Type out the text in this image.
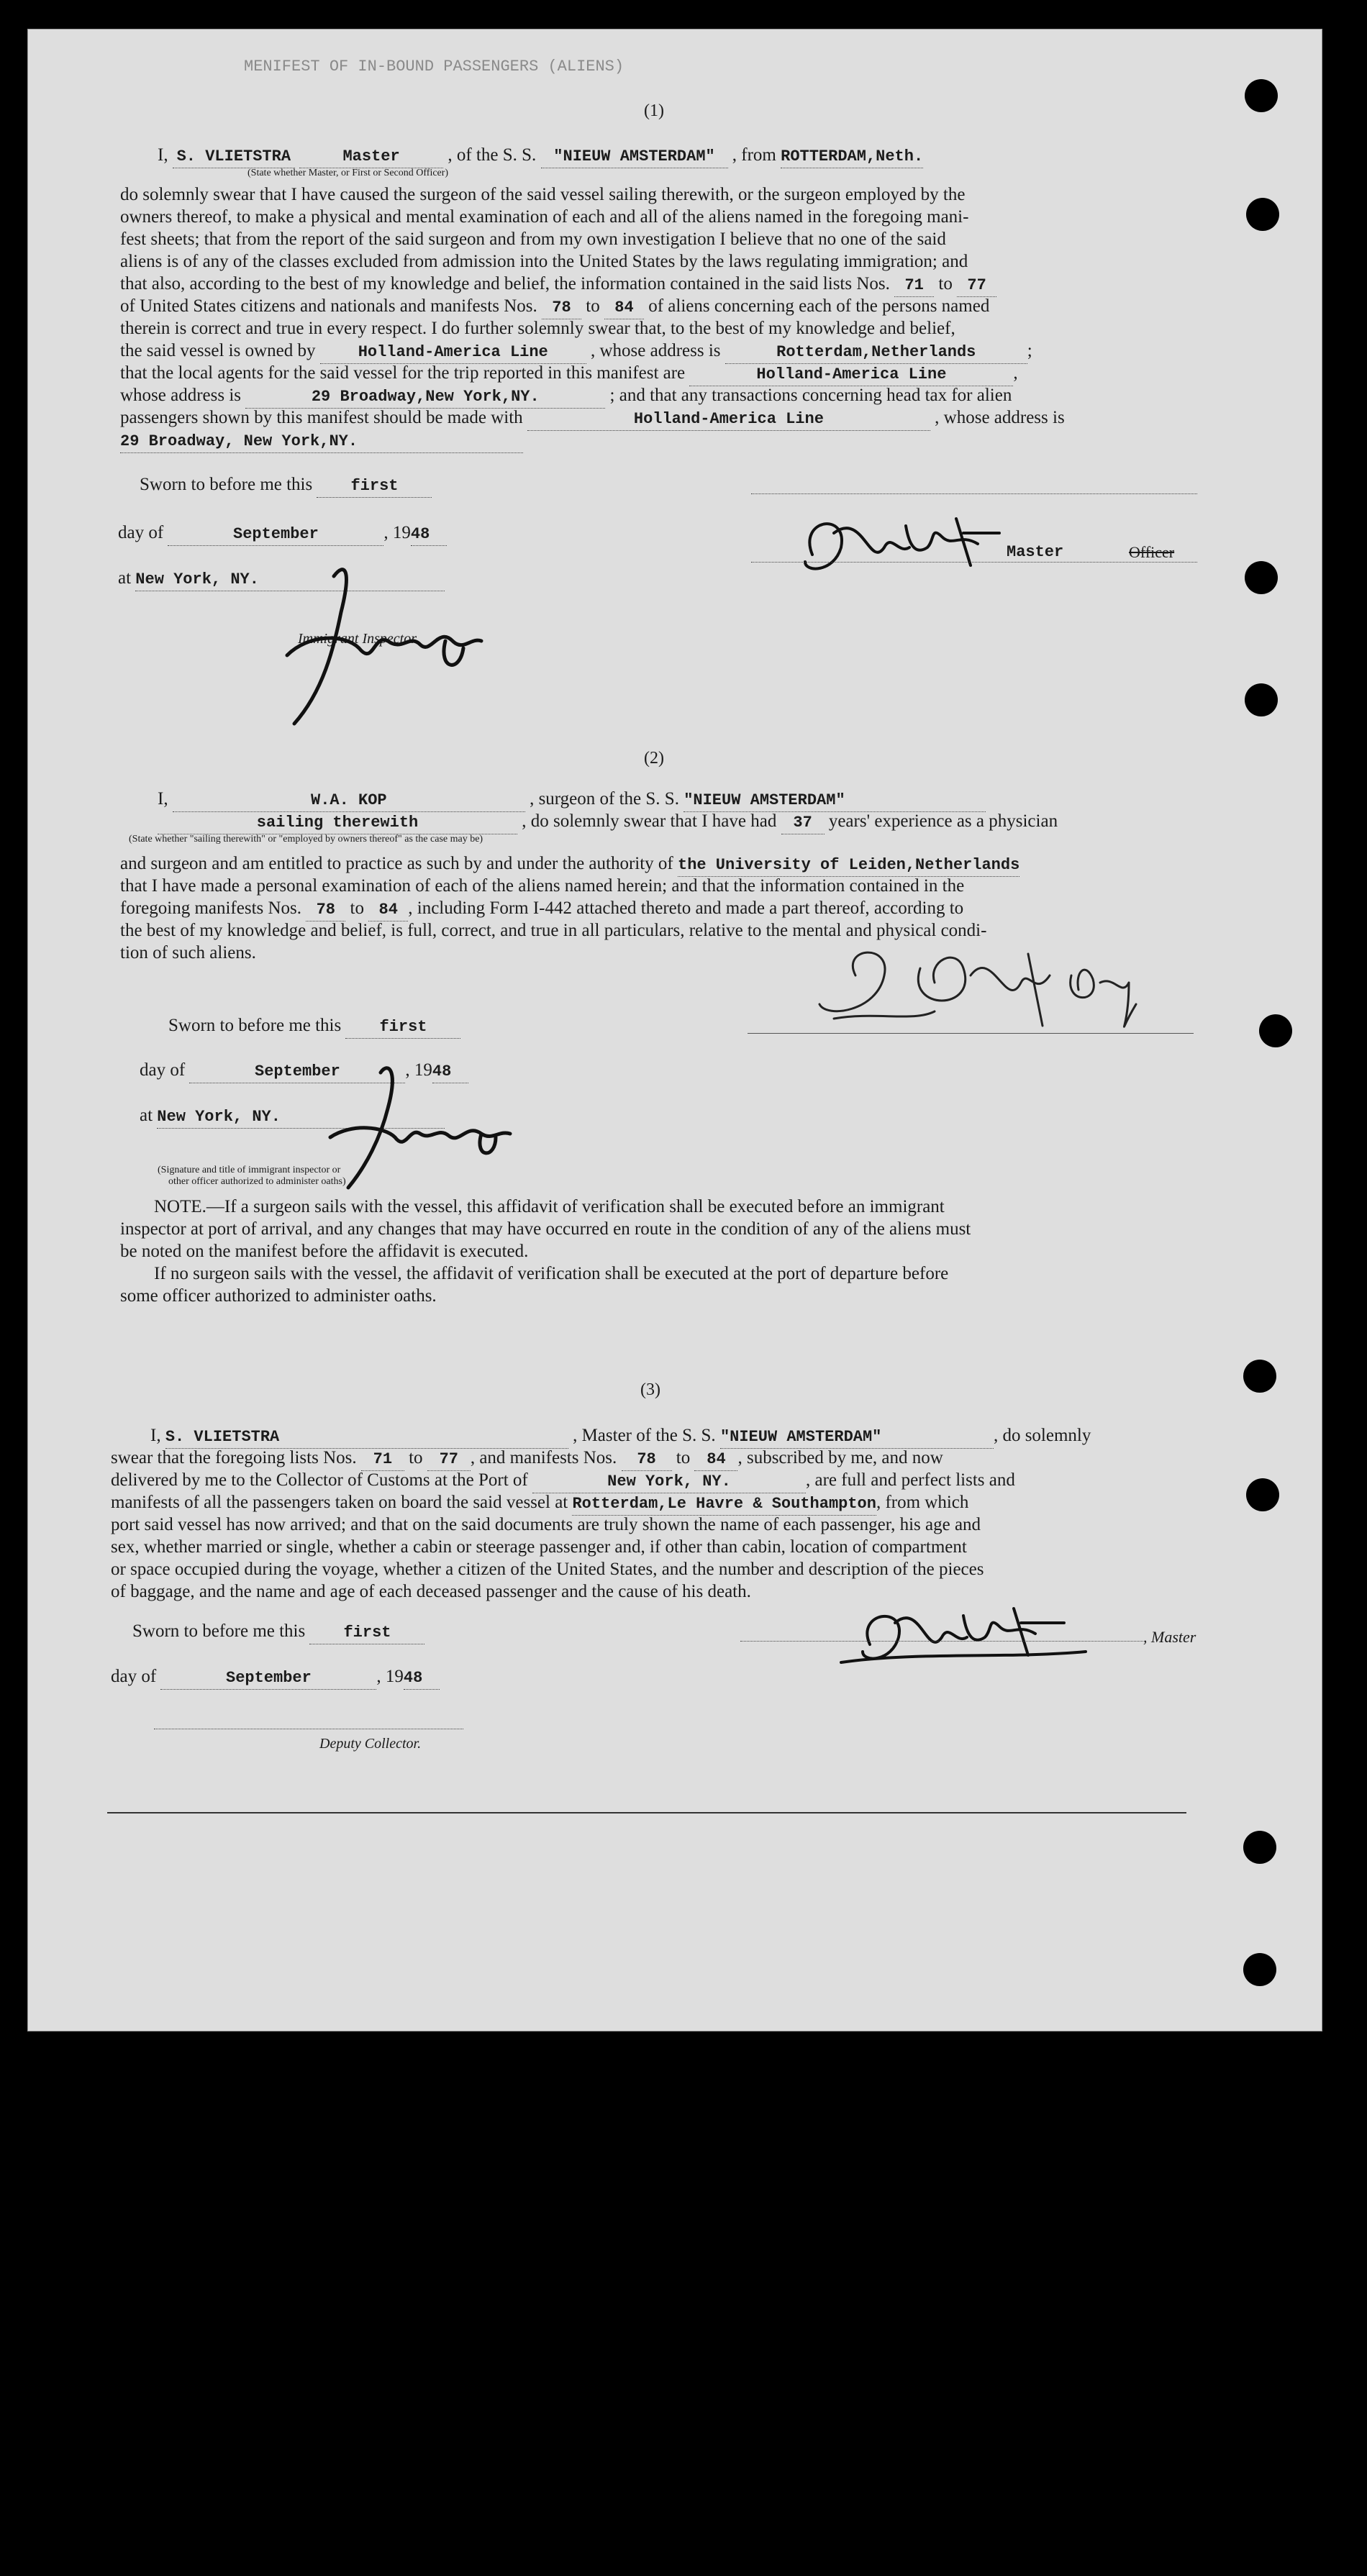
MENIFEST OF IN-BOUND PASSENGERS (ALIENS)
(1)
I, S. VLIETSTRA	Master	, of the S. S. "NIEUW AMSTERDAM" , from ROTTERDAM,Neth.
(State whether Master, or First or Second Officer)
do solemnly swear that I have caused the surgeon of the said vessel sailing therewith, or the surgeon employed by the
owners thereof, to make a physical and mental examination of each and all of the aliens named in the foregoing mani-
fest sheets; that from the report of the said surgeon and from my own investigation I believe that no one of the said
aliens is of any of the classes excluded from admission into the United States by the laws regulating immigration; and
that also, according to the best of my knowledge and belief, the information contained in the said lists Nos. 71 to 77
of United States citizens and nationals and manifests Nos. 78 to 84 of aliens concerning each of the persons named
therein is correct and true in every respect. I do further solemnly swear that, to the best of my knowledge and belief,
the said vessel is owned by	Holland-America Line , whose address is	Rotterdam,Netherlands	;
that the local agents for the said vessel for the trip reported in this manifest are	Holland-America Line	,
whose address is	29 Broadway,New York,NY.	; and that any transactions concerning head tax for alien
passengers shown by this manifest should be made with	Holland-America Line	, whose address is
29 Broadway, New York,NY.
Sworn to before me this first
day of	September	, 1948
at New York, NY.
Immigrant Inspector.
Master	Officer
(2)
I,	W.A. KOP	, surgeon of the S. S. "NIEUW AMSTERDAM"
sailing therewith	, do solemnly swear that I have had 37 years' experience as a physician
(State whether "sailing therewith" or "employed by owners thereof" as the case may be)
and surgeon and am entitled to practice as such by and under the authority of the University of Leiden,Netherlands
that I have made a personal examination of each of the aliens named herein; and that the information contained in the
foregoing manifests Nos. 78 to 84 , including Form I-442 attached thereto and made a part thereof, according to
the best of my knowledge and belief, is full, correct, and true in all particulars, relative to the mental and physical condi-
tion of such aliens.
Sworn to before me this first
day of	September	, 1948
at New York, NY.
(Signature and title of immigrant inspector or
other officer authorized to administer oaths)
NOTE.—If a surgeon sails with the vessel, this affidavit of verification shall be executed before an immigrant
inspector at port of arrival, and any changes that may have occurred en route in the condition of any of the aliens must
be noted on the manifest before the affidavit is executed.
If no surgeon sails with the vessel, the affidavit of verification shall be executed at the port of departure before
some officer authorized to administer oaths.
(3)
I, S. VLIETSTRA	, Master of the S. S. "NIEUW AMSTERDAM"	, do solemnly
swear that the foregoing lists Nos. 71 to 77 , and manifests Nos. 78 to 84 , subscribed by me, and now
delivered by me to the Collector of Customs at the Port of	New York, NY.	, are full and perfect lists and
manifests of all the passengers taken on board the said vessel at Rotterdam,Le Havre & Southampton, from which
port said vessel has now arrived; and that on the said documents are truly shown the name of each passenger, his age and
sex, whether married or single, whether a cabin or steerage passenger and, if other than cabin, location of compartment
or space occupied during the voyage, whether a citizen of the United States, and the number and description of the pieces
of baggage, and the name and age of each deceased passenger and the cause of his death.
Sworn to before me this first	, Master
day of	September	, 1948
Deputy Collector.
